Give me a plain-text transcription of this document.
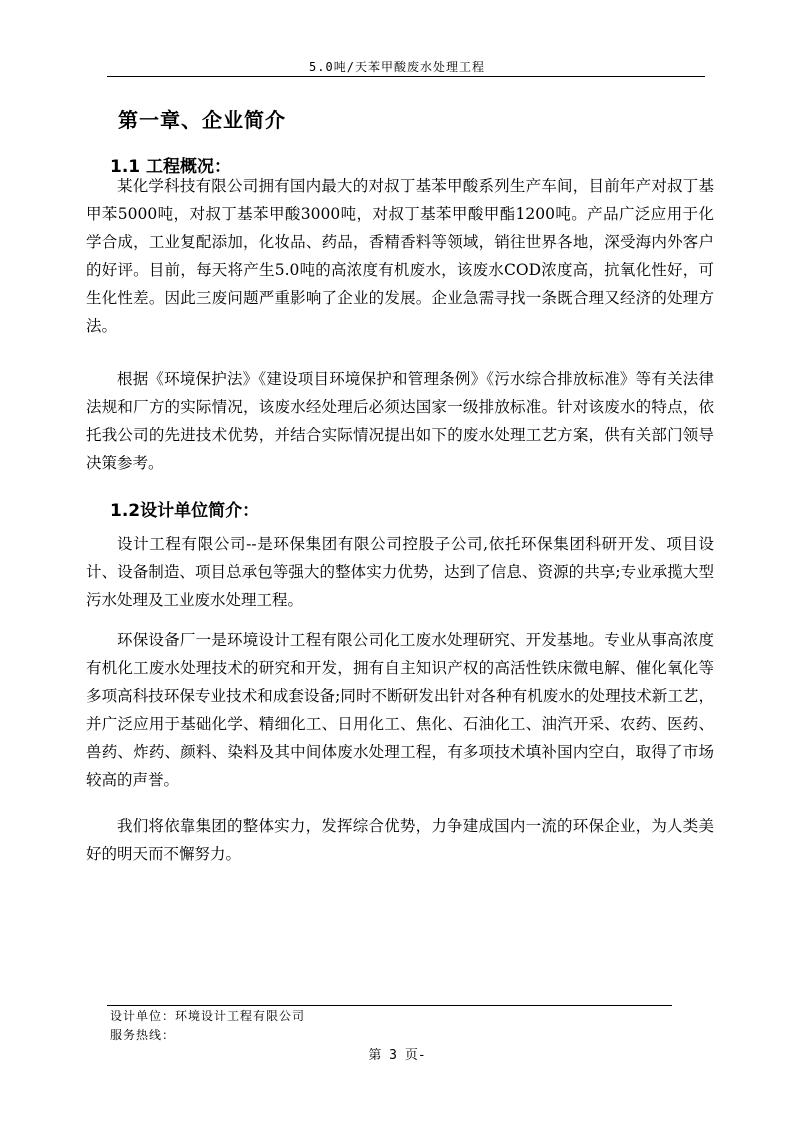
5.0吨/天苯甲酸废水处理工程
第一章、企业简介
1.1 工程概况：

某化学科技有限公司拥有国内最大的对叔丁基苯甲酸系列生产车间，目前年产对叔丁基甲苯5000吨，对叔丁基苯甲酸3000吨，对叔丁基苯甲酸甲酯1200吨。产品广泛应用于化学合成，工业复配添加，化妆品、药品，香精香料等领域，销往世界各地，深受海内外客户的好评。目前，每天将产生5.0吨的高浓度有机废水，该废水COD浓度高，抗氧化性好，可生化性差。因此三废问题严重影响了企业的发展。企业急需寻找一条既合理又经济的处理方法。

根据《环境保护法》《建设项目环境保护和管理条例》《污水综合排放标准》等有关法律法规和厂方的实际情况，该废水经处理后必须达国家一级排放标准。针对该废水的特点，依托我公司的先进技术优势，并结合实际情况提出如下的废水处理工艺方案，供有关部门领导决策参考。

1.2设计单位简介：

设计工程有限公司--是环保集团有限公司控股子公司,依托环保集团科研开发、项目设计、设备制造、项目总承包等强大的整体实力优势，达到了信息、资源的共享;专业承揽大型污水处理及工业废水处理工程。

环保设备厂一是环境设计工程有限公司化工废水处理研究、开发基地。专业从事高浓度有机化工废水处理技术的研究和开发，拥有自主知识产权的高活性铁床微电解、催化氧化等多项高科技环保专业技术和成套设备;同时不断研发出针对各种有机废水的处理技术新工艺，并广泛应用于基础化学、精细化工、日用化工、焦化、石油化工、油汽开采、农药、医药、兽药、炸药、颜料、染料及其中间体废水处理工程，有多项技术填补国内空白，取得了市场较高的声誉。

我们将依靠集团的整体实力，发挥综合优势，力争建成国内一流的环保企业，为人类美好的明天而不懈努力。

设计单位：环境设计工程有限公司
服务热线：
第 3 页-
